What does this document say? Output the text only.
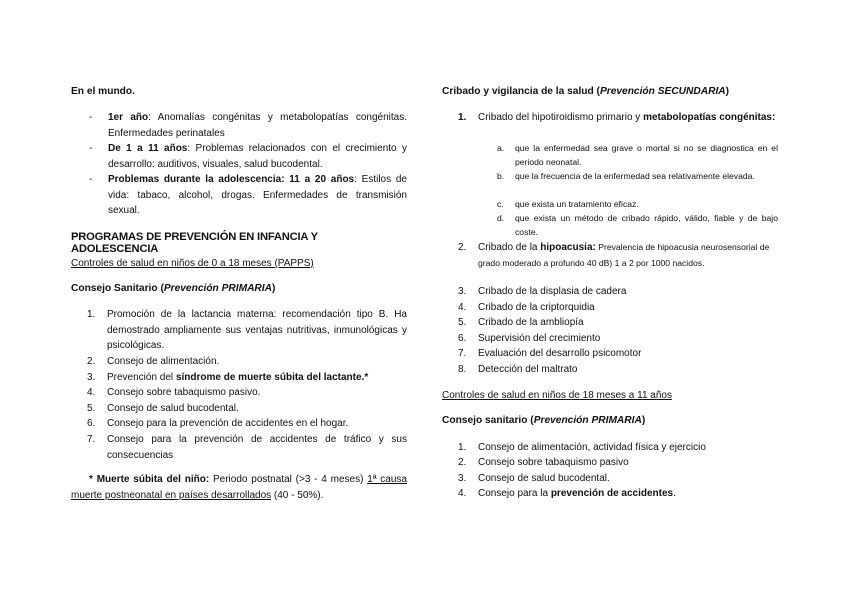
En el mundo.

- 1er año: Anomalías congénitas y metabolopatías congénitas. Enfermedades perinatales
- De 1 a 11 años: Problemas relacionados con el crecimiento y desarrollo: auditivos, visuales, salud bucodental.
- Problemas durante la adolescencia: 11 a 20 años: Estilos de vida: tabaco, alcohol, drogas. Enfermedades de transmisión sexual.

PROGRAMAS DE PREVENCIÓN EN INFANCIA Y ADOLESCENCIA

Controles de salud en niños de 0 a 18 meses (PAPPS)

Consejo Sanitario (Prevención PRIMARIA)

1.	Promoción de la lactancia materna: recomendación tipo B. Ha demostrado ampliamente sus ventajas nutritivas, inmunológicas y psicológicas.
2.	Consejo de alimentación.
3.	Prevención del síndrome de muerte súbita del lactante.*
4.	Consejo sobre tabaquismo pasivo.
5.	Consejo de salud bucodental.
6.	Consejo para la prevención de accidentes en el hogar.
7.	Consejo para la prevención de accidentes de tráfico y sus consecuencias
* Muerte súbita del niño: Periodo postnatal (>3 - 4 meses) 1ª causa muerte postneonatal en países desarrollados (40 - 50%).

Cribado y vigilancia de la salud (Prevención SECUNDARIA)

1.	Cribado del hipotiroidismo primario y metabolopatías congénitas:
a. que la enfermedad sea grave o mortal si no se diagnostica en el periodo neonatal.
b. que la frecuencia de la enfermedad sea relativamente elevada.
c. que exista un tratamiento eficaz.
d. que exista un método de cribado rápido, válido, fiable y de bajo coste.
2.	Cribado de la hipoacusia: Prevalencia de hipoacusia neurosensorial de grado moderado a profundo 40 dB) 1 a 2 por 1000 nacidos.
3.	Cribado de la displasia de cadera
4.	Cribado de la criptorquidia
5.	Cribado de la ambliopía
6.	Supervisión del crecimiento
7.	Evaluación del desarrollo psicomotor
8.	Detección del maltrato

Controles de salud en niños de 18 meses a 11 años

Consejo sanitario (Prevención PRIMARIA)

1.	Consejo de alimentación, actividad física y ejercicio
2.	Consejo sobre tabaquismo pasivo
3.	Consejo de salud bucodental.
4.	Consejo para la prevención de accidentes.
